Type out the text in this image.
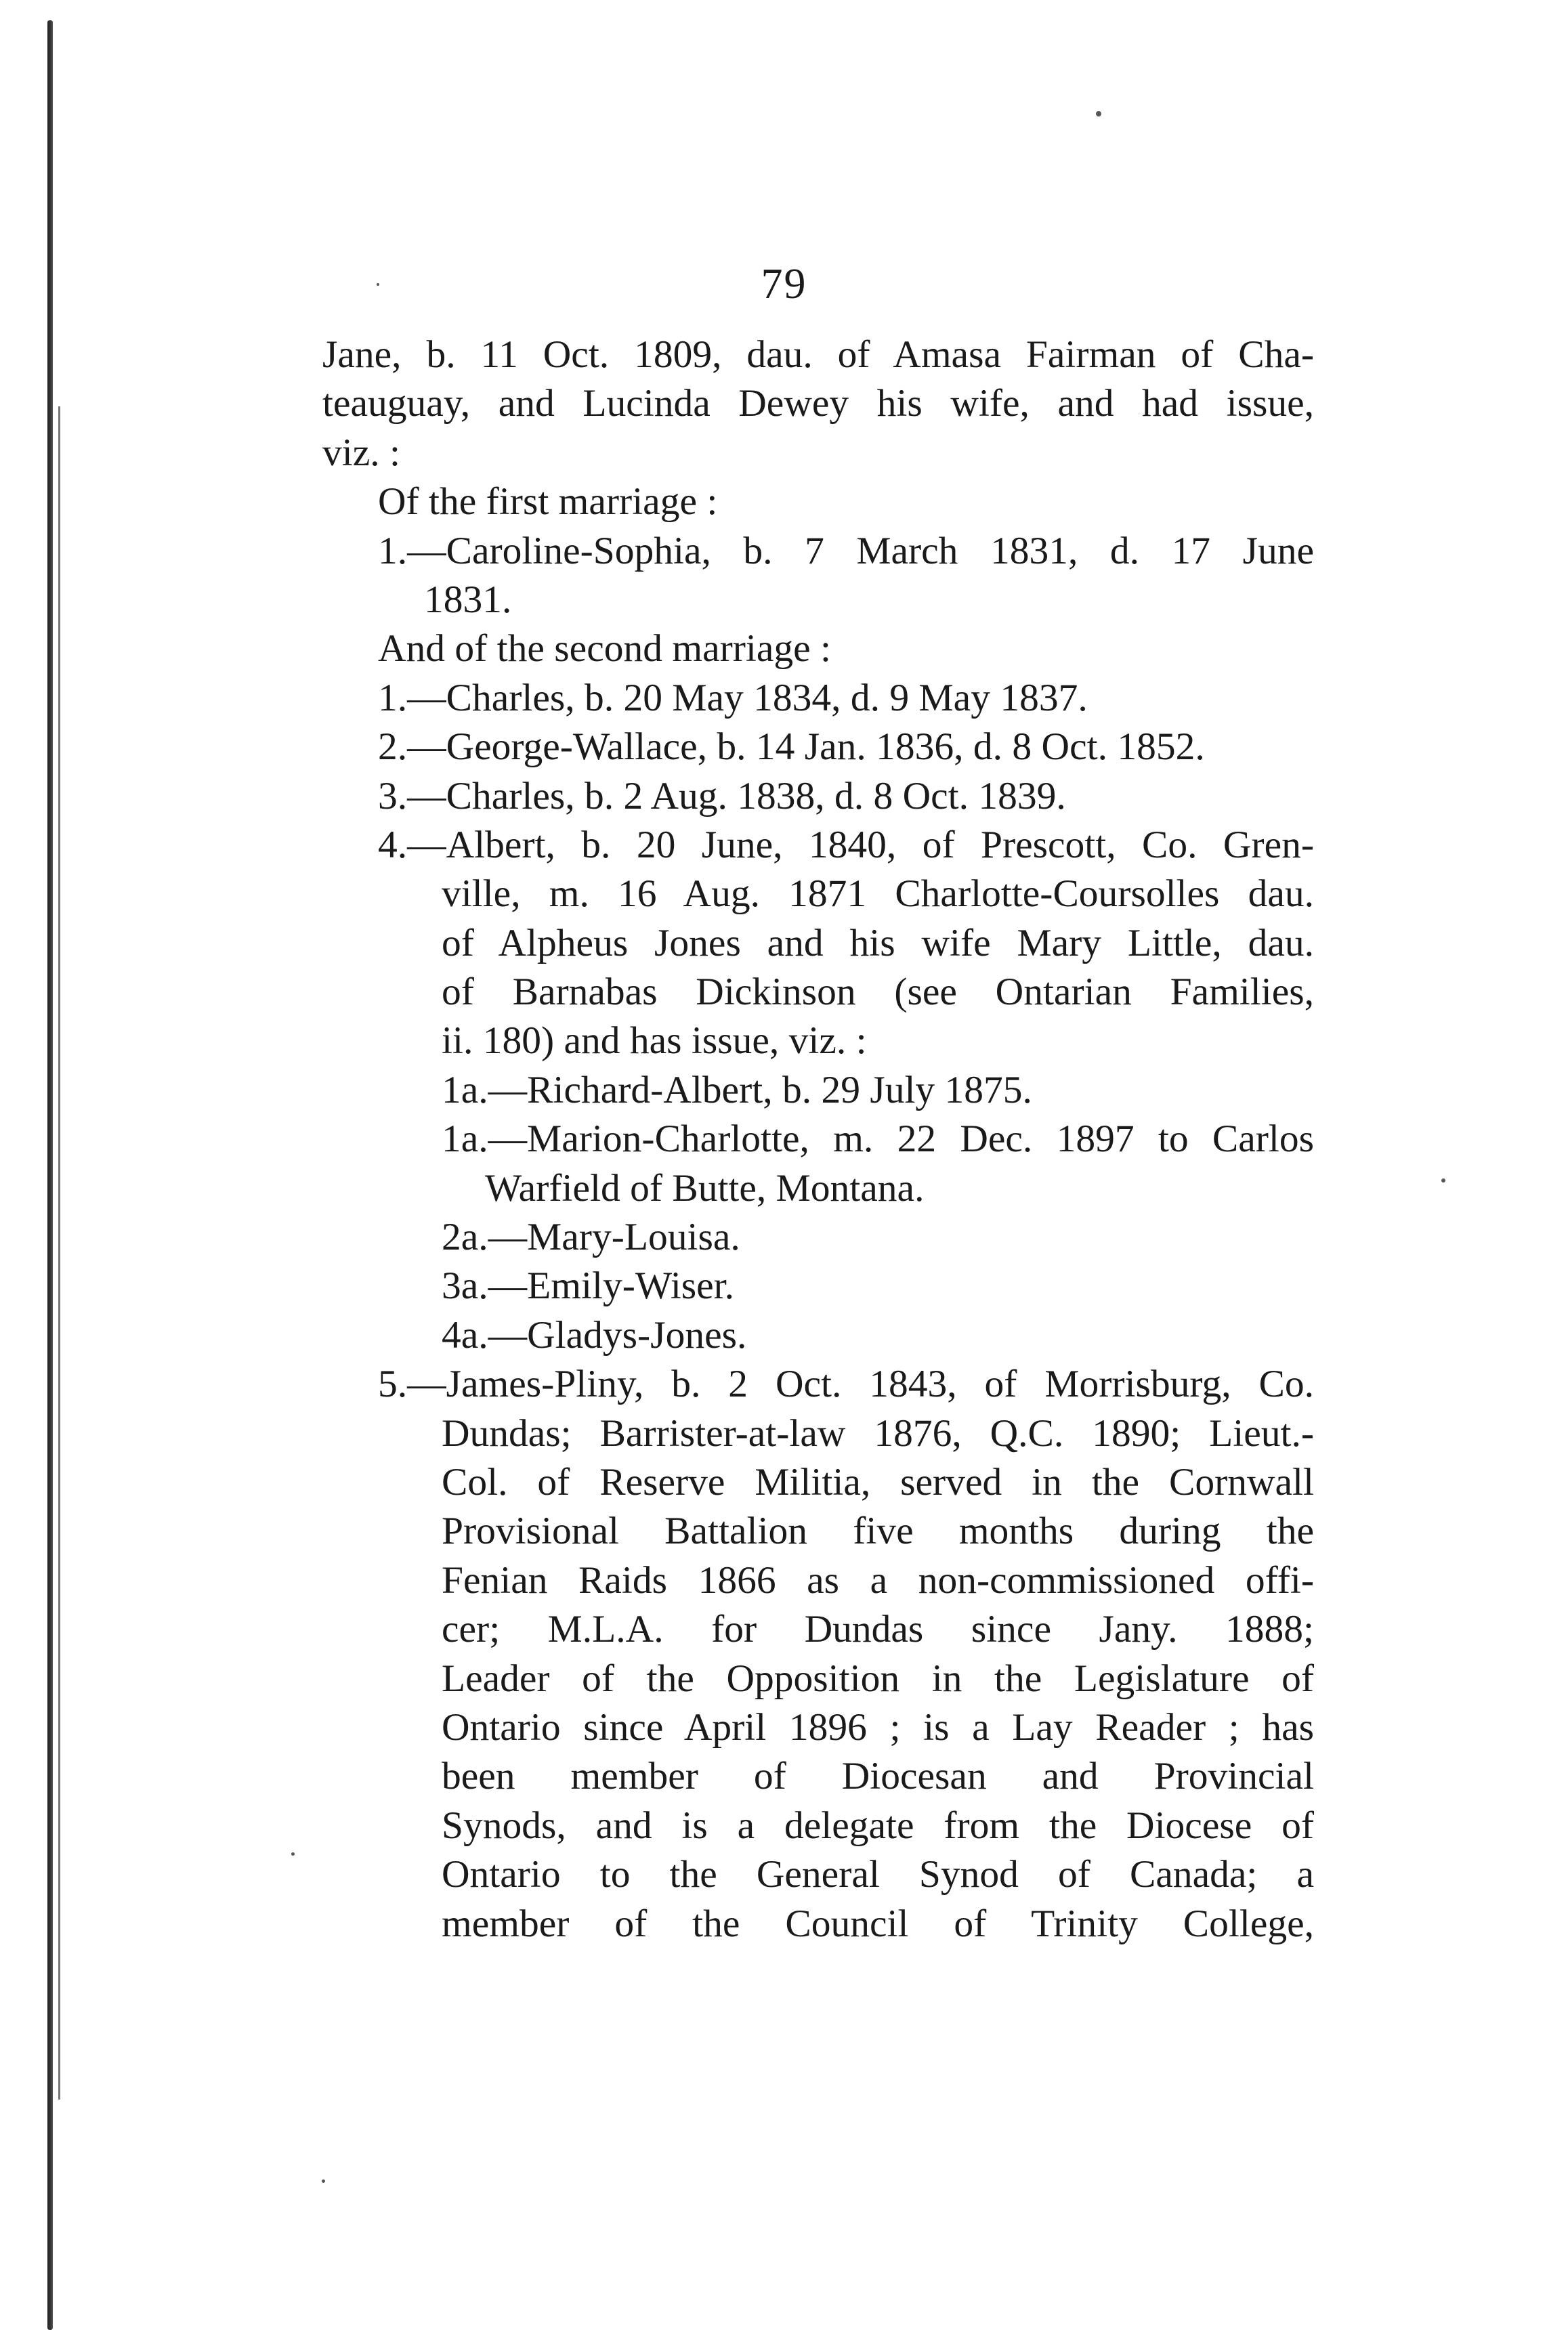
79
Jane, b. 11 Oct. 1809, dau. of Amasa Fairman of Cha-
teauguay, and Lucinda Dewey his wife, and had issue,
viz. :
Of the first marriage :
1.—Caroline-Sophia, b. 7 March 1831, d. 17 June
1831.
And of the second marriage :
1.—Charles, b. 20 May 1834, d. 9 May 1837.
2.—George-Wallace, b. 14 Jan. 1836, d. 8 Oct. 1852.
3.—Charles, b. 2 Aug. 1838, d. 8 Oct. 1839.
4.—Albert, b. 20 June, 1840, of Prescott, Co. Gren-
ville, m. 16 Aug. 1871 Charlotte-Coursolles dau.
of Alpheus Jones and his wife Mary Little, dau.
of Barnabas Dickinson (see Ontarian Families,
ii. 180) and has issue, viz. :
1a.—Richard-Albert, b. 29 July 1875.
1a.—Marion-Charlotte, m. 22 Dec. 1897 to Carlos
Warfield of Butte, Montana.
2a.—Mary-Louisa.
3a.—Emily-Wiser.
4a.—Gladys-Jones.
5.—James-Pliny, b. 2 Oct. 1843, of Morrisburg, Co.
Dundas; Barrister-at-law 1876, Q.C. 1890; Lieut.-
Col. of Reserve Militia, served in the Cornwall
Provisional Battalion five months during the
Fenian Raids 1866 as a non-commissioned offi-
cer; M.L.A. for Dundas since Jany. 1888;
Leader of the Opposition in the Legislature of
Ontario since April 1896 ; is a Lay Reader ; has
been member of Diocesan and Provincial
Synods, and is a delegate from the Diocese of
Ontario to the General Synod of Canada; a
member of the Council of Trinity College,
